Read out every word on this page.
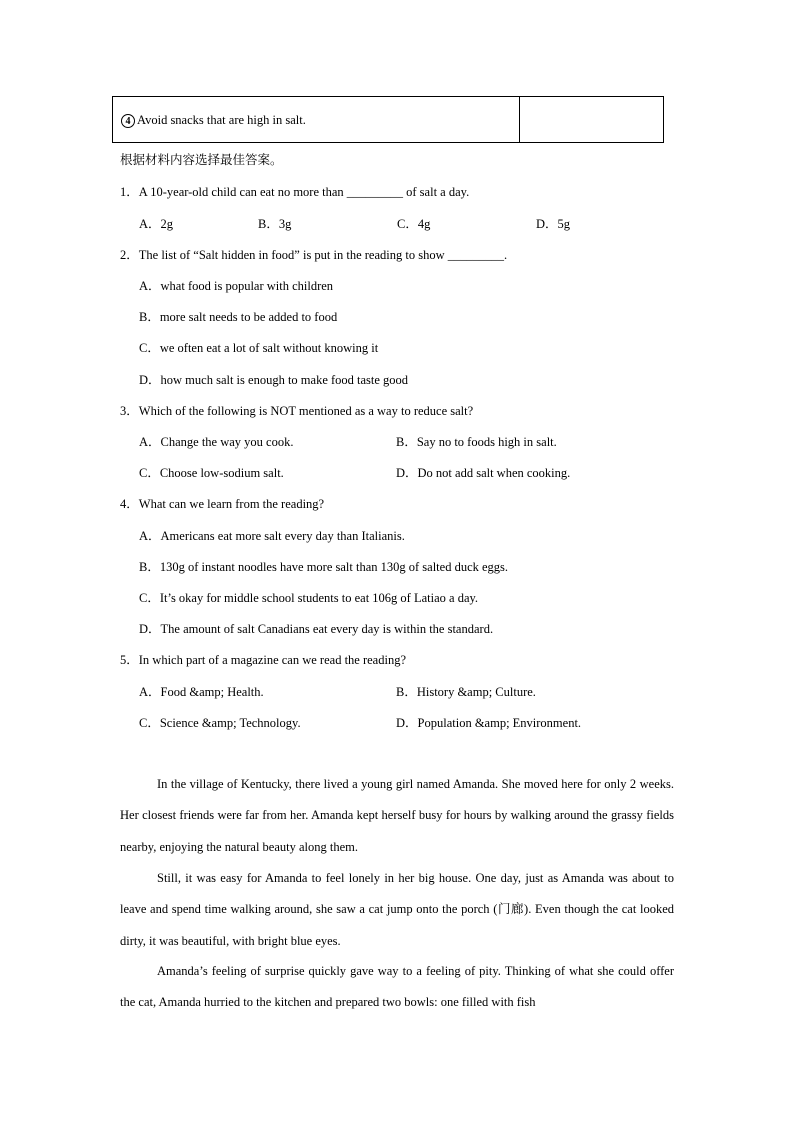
4 Avoid snacks that are high in salt.
根据材料内容选择最佳答案。
1．A 10-year-old child can eat no more than _________ of salt a day.
A．2g	B．3g	C．4g	D．5g
2．The list of “Salt hidden in food” is put in the reading to show _________.
A．what food is popular with children
B．more salt needs to be added to food
C．we often eat a lot of salt without knowing it
D．how much salt is enough to make food taste good
3．Which of the following is NOT mentioned as a way to reduce salt?
A．Change the way you cook.	B．Say no to foods high in salt.
C．Choose low-sodium salt.	D．Do not add salt when cooking.
4．What can we learn from the reading?
A．Americans eat more salt every day than Italianis.
B．130g of instant noodles have more salt than 130g of salted duck eggs.
C．It’s okay for middle school students to eat 106g of Latiao a day.
D．The amount of salt Canadians eat every day is within the standard.
5．In which part of a magazine can we read the reading?
A．Food &amp; Health.	B．History &amp; Culture.
C．Science &amp; Technology.	D．Population &amp; Environment.
In the village of Kentucky, there lived a young girl named Amanda. She moved here for only 2 weeks. Her closest friends were far from her. Amanda kept herself busy for hours by walking around the grassy fields nearby, enjoying the natural beauty along them.
Still, it was easy for Amanda to feel lonely in her big house. One day, just as Amanda was about to leave and spend time walking around, she saw a cat jump onto the porch (门廊). Even though the cat looked dirty, it was beautiful, with bright blue eyes.
Amanda’s feeling of surprise quickly gave way to a feeling of pity. Thinking of what she could offer the cat, Amanda hurried to the kitchen and prepared two bowls: one filled with fish
